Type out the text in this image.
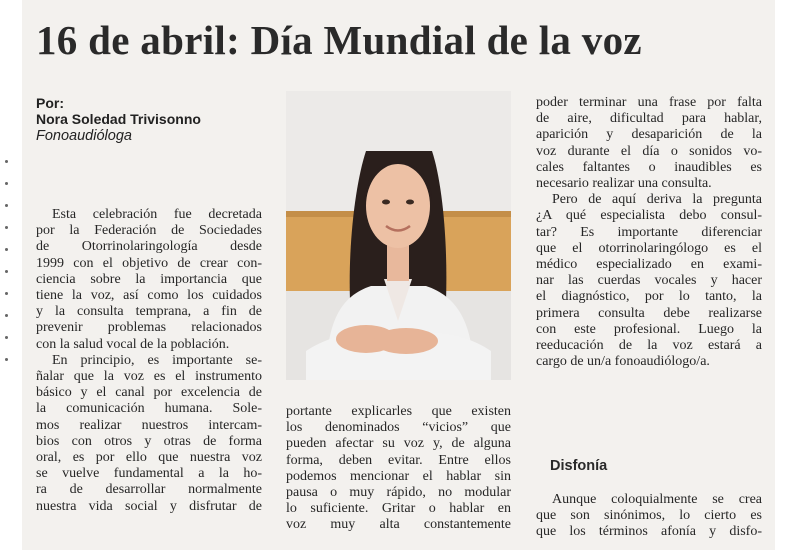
16 de abril: Día Mundial de la voz
Por:
Nora Soledad Trivisonno
Fonoaudióloga
Esta celebración fue decretada
por la Federación de Sociedades
de Otorrinolaringología desde
1999 con el objetivo de crear con-
ciencia sobre la importancia que
tiene la voz, así como los cuidados
y la consulta temprana, a fin de
prevenir problemas relacionados
con la salud vocal de la población.
En principio, es importante se-
ñalar que la voz es el instrumento
básico y el canal por excelencia de
la comunicación humana. Sole-
mos realizar nuestros intercam-
bios con otros y otras de forma
oral, es por ello que nuestra voz
se vuelve fundamental a la ho-
ra de desarrollar normalmente
nuestra vida social y disfrutar de
portante explicarles que existen
los denominados “vicios” que
pueden afectar su voz y, de alguna
forma, deben evitar. Entre ellos
podemos mencionar el hablar sin
pausa o muy rápido, no modular
lo suficiente. Gritar o hablar en
voz muy alta constantemente
poder terminar una frase por falta
de aire, dificultad para hablar,
aparición y desaparición de la
voz durante el día o sonidos vo-
cales faltantes o inaudibles es
necesario realizar una consulta.
Pero de aquí deriva la pregunta
¿A qué especialista debo consul-
tar? Es importante diferenciar
que el otorrinolaringólogo es el
médico especializado en exami-
nar las cuerdas vocales y hacer
el diagnóstico, por lo tanto, la
primera consulta debe realizarse
con este profesional. Luego la
reeducación de la voz estará a
cargo de un/a fonoaudiólogo/a.
Disfonía
Aunque coloquialmente se crea
que son sinónimos, lo cierto es
que los términos afonía y disfo-
